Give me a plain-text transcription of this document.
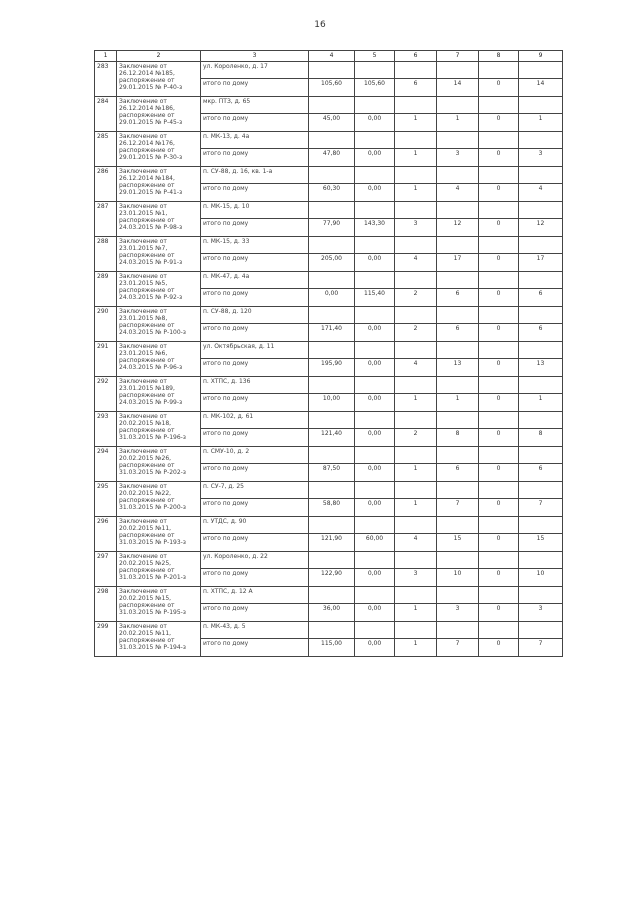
16
1	2	3	4	5	6	7	8	9
283	Заключение от 26.12.2014 №185, распоряжение от 29.01.2015 № Р-40-з	ул. Короленко, д. 17						
		итого по дому	105,60	105,60	6	14	0	14
284	Заключение от 26.12.2014 №186, распоряжение от 29.01.2015 № Р-45-з	мкр. ПТЗ, д. 65						
		итого по дому	45,00	0,00	1	1	0	1
285	Заключение от 26.12.2014 №176, распоряжение от 29.01.2015 № Р-30-з	п. МК-13, д. 4а						
		итого по дому	47,80	0,00	1	3	0	3
286	Заключение от 26.12.2014 №184, распоряжение от 29.01.2015 № Р-41-з	п. СУ-88, д. 16, кв. 1-а						
		итого по дому	60,30	0,00	1	4	0	4
287	Заключение от 23.01.2015 №1, распоряжение от 24.03.2015 № Р-98-з	п. МК-15, д. 10						
		итого по дому	77,90	143,30	3	12	0	12
288	Заключение от 23.01.2015 №7, распоряжение от 24.03.2015 № Р-91-з	п. МК-15, д. 33						
		итого по дому	205,00	0,00	4	17	0	17
289	Заключение от 23.01.2015 №5, распоряжение от 24.03.2015 № Р-92-з	п. МК-47, д. 4а						
		итого по дому	0,00	115,40	2	6	0	6
290	Заключение от 23.01.2015 №8, распоряжение от 24.03.2015 № Р-100-з	п. СУ-88, д. 120						
		итого по дому	171,40	0,00	2	6	0	6
291	Заключение от 23.01.2015 №6, распоряжение от 24.03.2015 № Р-96-з	ул. Октябрьская, д. 11						
		итого по дому	195,90	0,00	4	13	0	13
292	Заключение от 23.01.2015 №189, распоряжение от 24.03.2015 № Р-99-з	п. ХТПС, д. 136						
		итого по дому	10,00	0,00	1	1	0	1
293	Заключение от 20.02.2015 №18, распоряжение от 31.03.2015 № Р-196-з	п. МК-102, д. 61						
		итого по дому	121,40	0,00	2	8	0	8
294	Заключение от 20.02.2015 №26, распоряжение от 31.03.2015 № Р-202-з	п. СМУ-10, д. 2						
		итого по дому	87,50	0,00	1	6	0	6
295	Заключение от 20.02.2015 №22, распоряжение от 31.03.2015 № Р-200-з	п. СУ-7, д. 25						
		итого по дому	58,80	0,00	1	7	0	7
296	Заключение от 20.02.2015 №11, распоряжение от 31.03.2015 № Р-193-з	п. УТДС, д. 90						
		итого по дому	121,90	60,00	4	15	0	15
297	Заключение от 20.02.2015 №25, распоряжение от 31.03.2015 № Р-201-з	ул. Короленко, д. 22						
		итого по дому	122,90	0,00	3	10	0	10
298	Заключение от 20.02.2015 №15, распоряжение от 31.03.2015 № Р-195-з	п. ХТПС, д. 12 А						
		итого по дому	36,00	0,00	1	3	0	3
299	Заключение от 20.02.2015 №11, распоряжение от 31.03.2015 № Р-194-з	п. МК-43, д. 5						
		итого по дому	115,00	0,00	1	7	0	7
